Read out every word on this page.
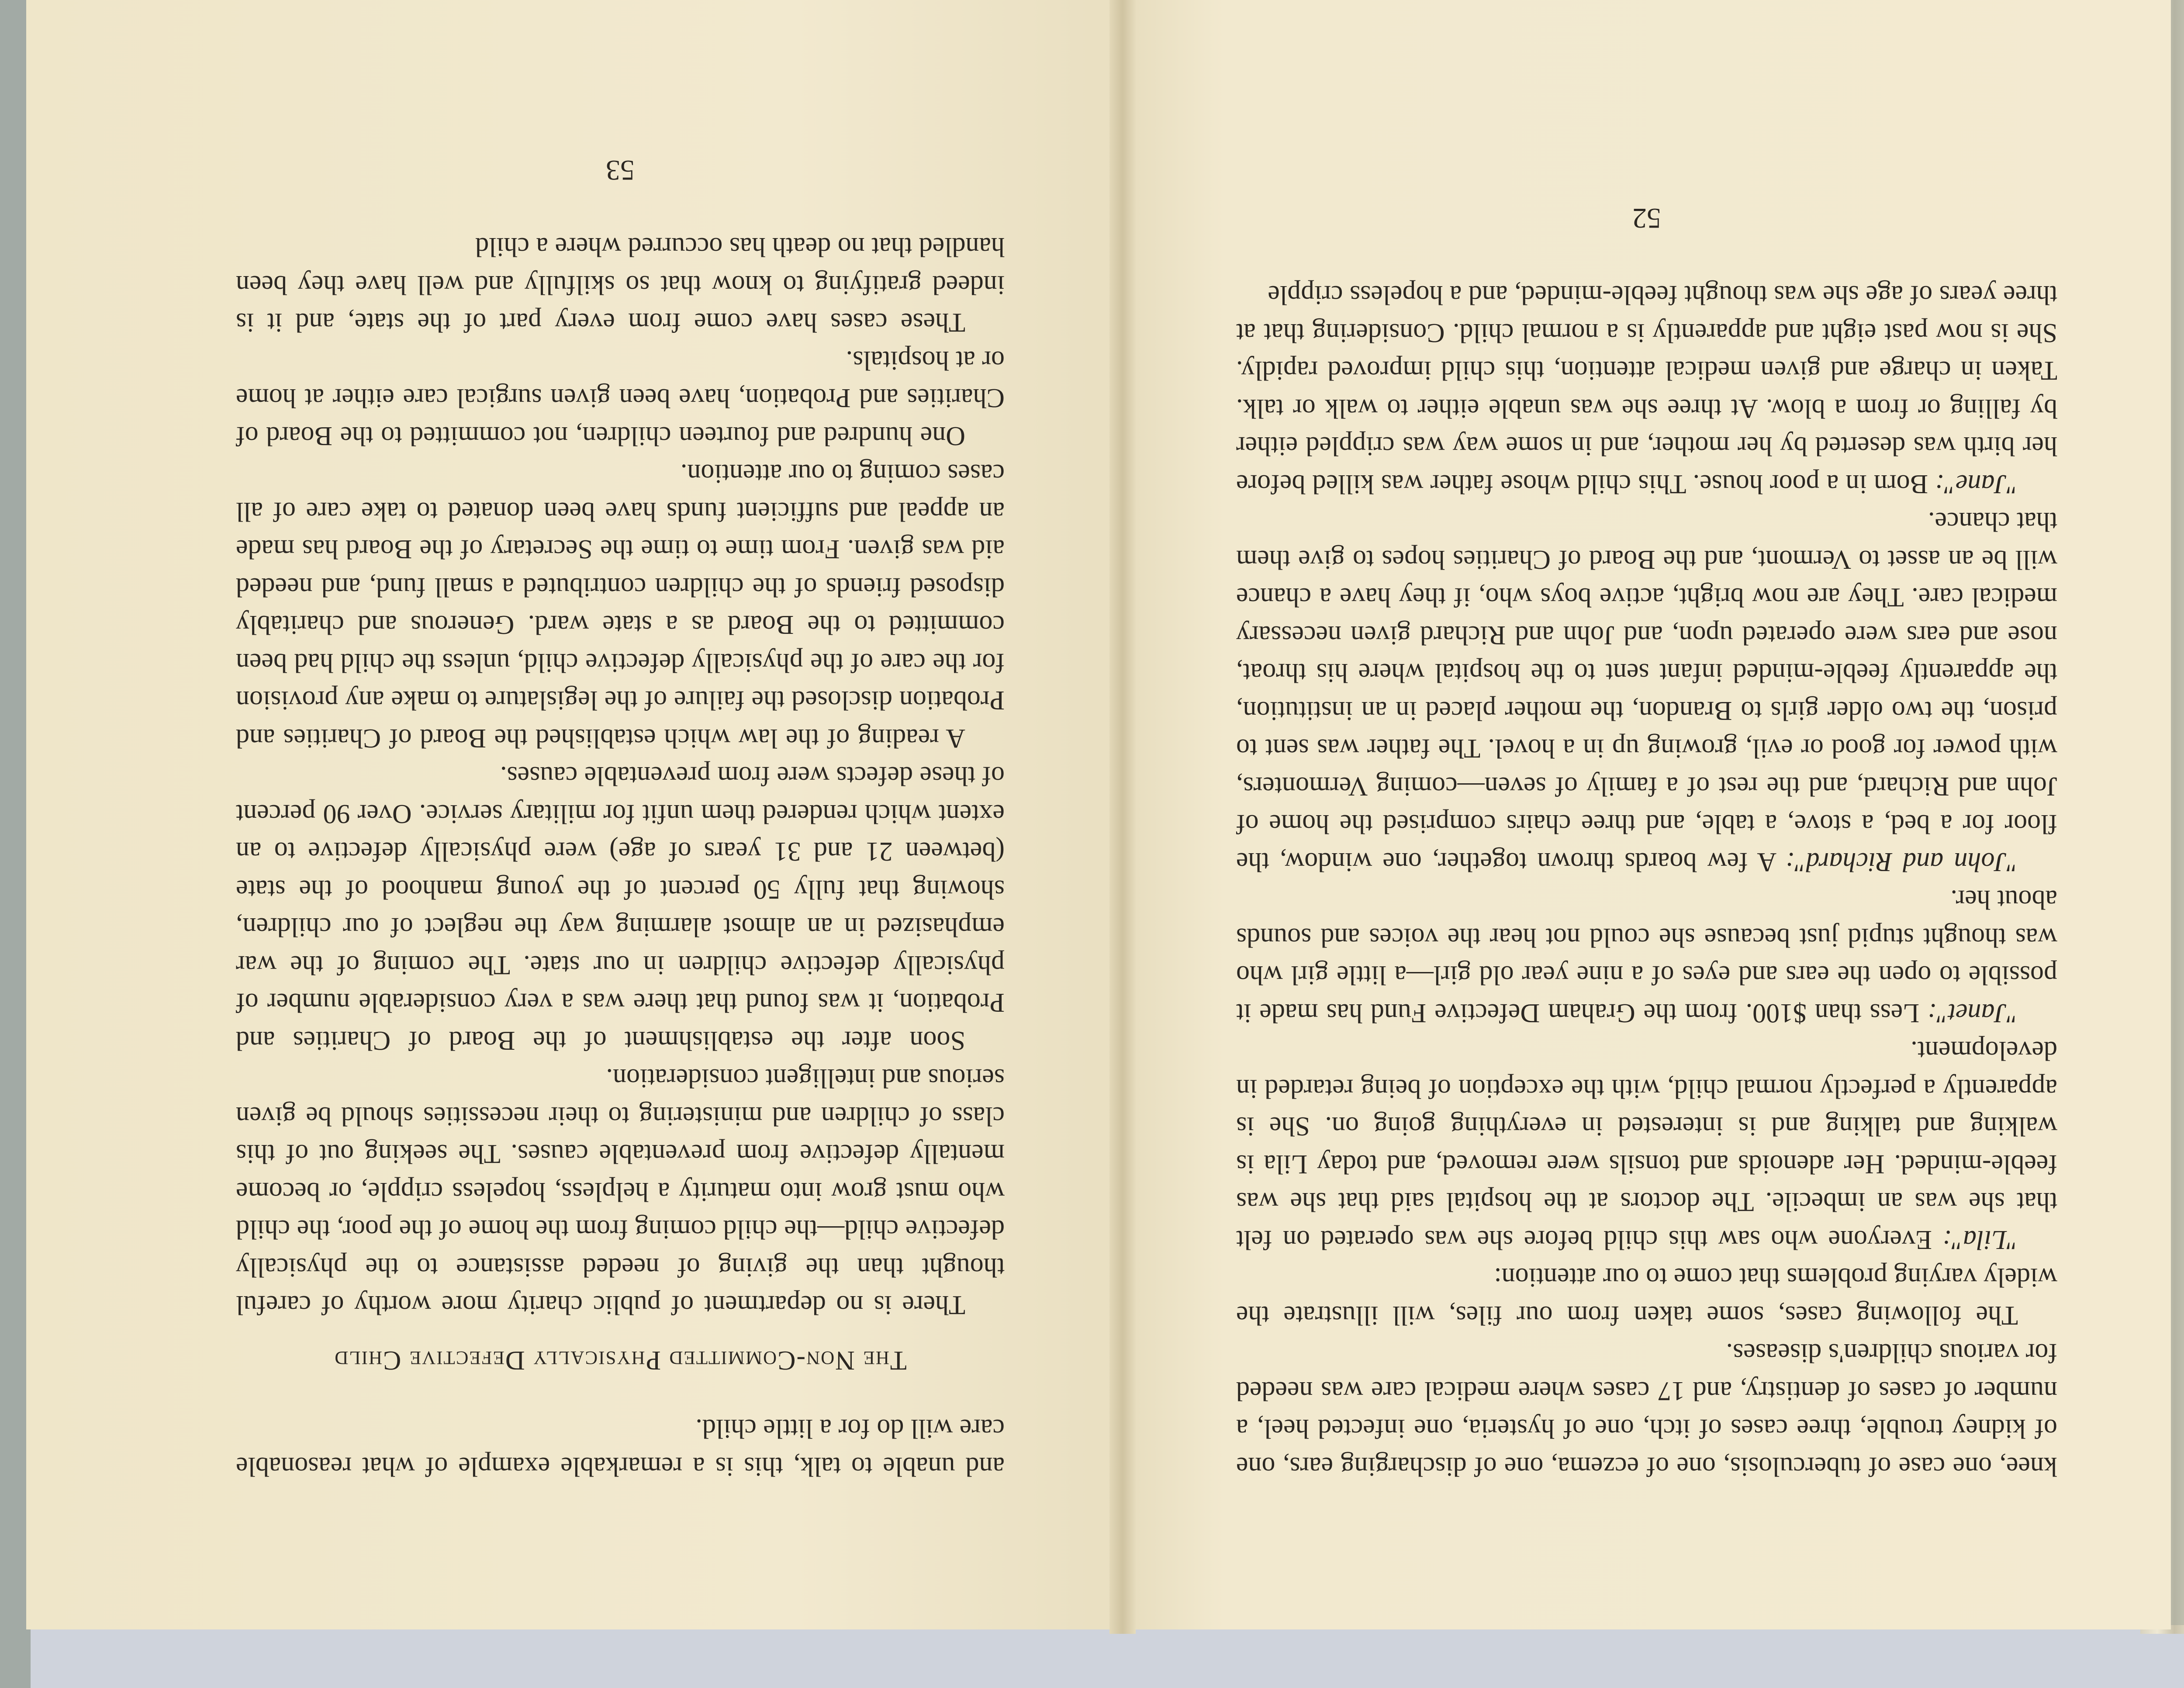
and unable to talk, this is a remarkable example of what reasonable care will do for a little child.

The Non-Committed Physically Defective Child

There is no department of public charity more worthy of careful thought than the giving of needed assistance to the physically defective child—the child coming from the home of the poor, the child who must grow into maturity a helpless, hopeless cripple, or become mentally defective from preventable causes. The seeking out of this class of children and ministering to their necessities should be given serious and intelligent consideration.

Soon after the establishment of the Board of Charities and Probation, it was found that there was a very considerable number of physically defective children in our state. The coming of the war emphasized in an almost alarming way the neglect of our children, showing that fully 50 percent of the young manhood of the state (between 21 and 31 years of age) were physically defective to an extent which rendered them unfit for military service. Over 90 percent of these defects were from preventable causes.

A reading of the law which established the Board of Charities and Probation disclosed the failure of the legislature to make any provision for the care of the physically defective child, unless the child had been committed to the Board as a state ward. Generous and charitably disposed friends of the children contributed a small fund, and needed aid was given. From time to time the Secretary of the Board has made an appeal and sufficient funds have been donated to take care of all cases coming to our attention.

One hundred and fourteen children, not committed to the Board of Charities and Probation, have been given surgical care either at home or at hospitals.

These cases have come from every part of the state, and it is indeed gratifying to know that so skilfully and well have they been handled that no death has occurred where a child

53

knee, one case of tuberculosis, one of eczema, one of discharging ears, one of kidney trouble, three cases of itch, one of hysteria, one infected heel, a number of cases of dentistry, and 17 cases where medical care was needed for various children's diseases.

The following cases, some taken from our files, will illustrate the widely varying problems that come to our attention:

"Lila": Everyone who saw this child before she was operated on felt that she was an imbecile. The doctors at the hospital said that she was feeble-minded. Her adenoids and tonsils were removed, and today Lila is walking and talking and is interested in everything going on. She is apparently a perfectly normal child, with the exception of being retarded in development.

"Janet": Less than $100. from the Graham Defective Fund has made it possible to open the ears and eyes of a nine year old girl—a little girl who was thought stupid just because she could not hear the voices and sounds about her.

"John and Richard": A few boards thrown together, one window, the floor for a bed, a stove, a table, and three chairs comprised the home of John and Richard, and the rest of a family of seven—coming Vermonters, with power for good or evil, growing up in a hovel. The father was sent to prison, the two older girls to Brandon, the mother placed in an institution, the apparently feeble-minded infant sent to the hospital where his throat, nose and ears were operated upon, and John and Richard given necessary medical care. They are now bright, active boys who, if they have a chance will be an asset to Vermont, and the Board of Charities hopes to give them that chance.

"Jane": Born in a poor house. This child whose father was killed before her birth was deserted by her mother, and in some way was crippled either by falling or from a blow. At three she was unable either to walk or talk. Taken in charge and given medical attention, this child improved rapidly. She is now past eight and apparently is a normal child. Considering that at three years of age she was thought feeble-minded, and a hopeless cripple

52
